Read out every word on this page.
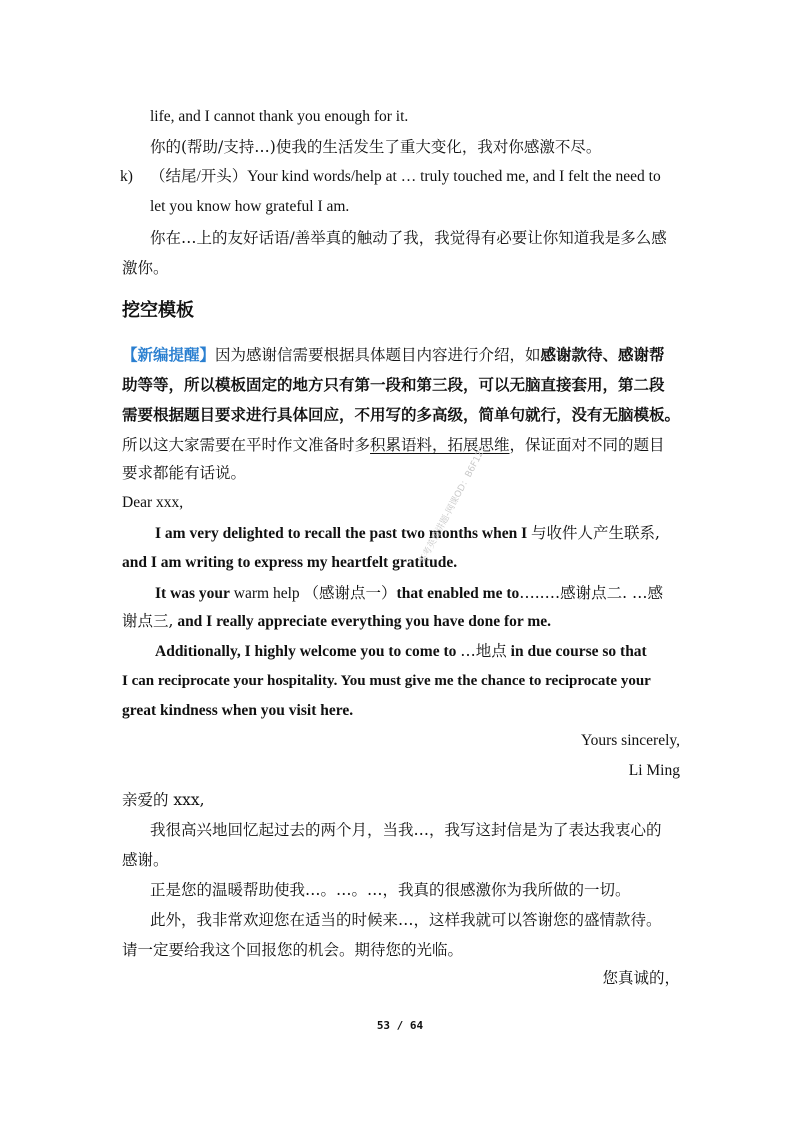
life, and I cannot thank you enough for it.
你的(帮助/支持…)使我的生活发生了重大变化，我对你感激不尽。
k) （结尾/开头）Your kind words/help at … truly touched me, and I felt the need to
let you know how grateful I am.
你在…上的友好话语/善举真的触动了我，我觉得有必要让你知道我是多么感
激你。
挖空模板
【新编提醒】因为感谢信需要根据具体题目内容进行介绍，如感谢款待、感谢帮
助等等，所以模板固定的地方只有第一段和第三段，可以无脑直接套用，第二段
需要根据题目要求进行具体回应，不用写的多高级，简单句就行，没有无脑模板。
所以这大家需要在平时作文准备时多积累语料，拓展思维，保证面对不同的题目
要求都能有话说。
Dear xxx,
I am very delighted to recall the past two months when I 与收件人产生联系,
and I am writing to express my heartfelt gratitude.
It was your warm help （感谢点一）that enabled me to…..…感谢点二. …感
谢点三, and I really appreciate everything you have done for me.
Additionally, I highly welcome you to come to …地点 in due course so that
I can reciprocate your hospitality. You must give me the chance to reciprocate your
great kindness when you visit here.
Yours sincerely,
Li Ming
亲爱的 xxx,
我很高兴地回忆起过去的两个月，当我…，我写这封信是为了表达我衷心的
感谢。
正是您的温暖帮助使我…。…。…，我真的很感激你为我所做的一切。
此外，我非常欢迎您在适当的时候来…，这样我就可以答谢您的盛情款待。
请一定要给我这个回报您的机会。期待您的光临。
您真诚的，
高考英语讲题-网课OD：B6F121
53 / 64
